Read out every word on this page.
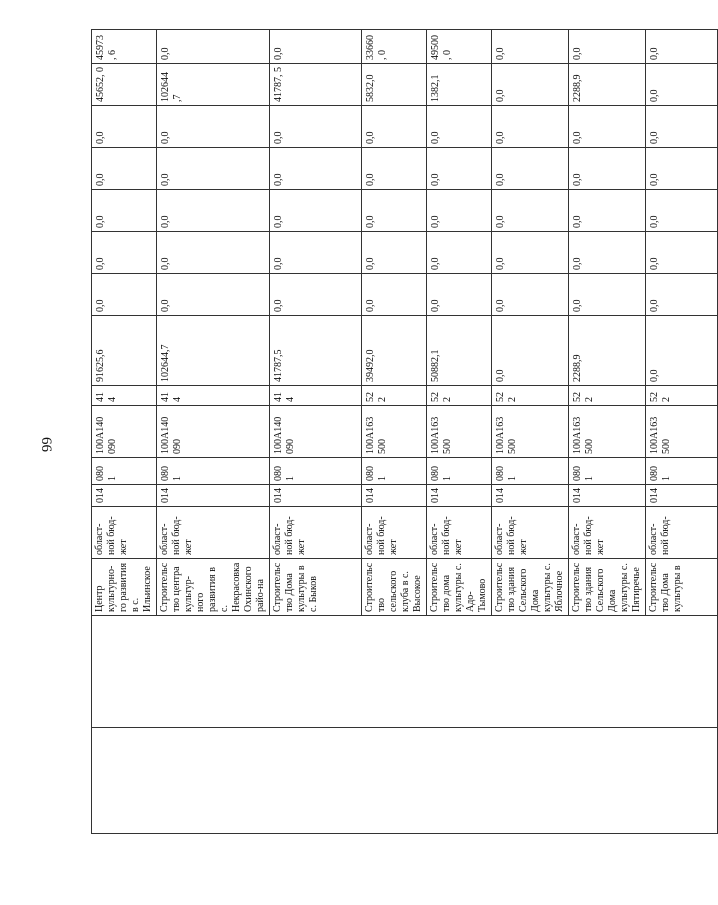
66
		Центр культурно-го развития в с. Ильинское	област-ной бюд-жет	014	080 1	100A140 090	41 4	91625,6	0,0	0,0	0,0	0,0	0,0	45652, 0	45973, 6
		Строительство центра культур-ного развития в с. Некрасовка Охинского райо-на	област-ной бюд-жет	014	080 1	100A140 090	41 4	102644,7	0,0	0,0	0,0	0,0	0,0	102644 ,7	0,0
		Строительство Дома культуры в с. Быков	област-ной бюд-жет	014	080 1	100A140 090	41 4	41787,5	0,0	0,0	0,0	0,0	0,0	41787, 5	0,0
		Строительство сельского клуба в с. Высокое	област-ной бюд-жет	014	080 1	100A163 500	52 2	39492,0	0,0	0,0	0,0	0,0	0,0	5832,0	33660, 0
		Строительство дома культуры с. Адо-Тымово	област-ной бюд-жет	014	080 1	100A163 500	52 2	50882,1	0,0	0,0	0,0	0,0	0,0	1382,1	49500, 0
		Строительство здания Сельского Дома культуры с. Яблочное	област-ной бюд-жет	014	080 1	100A163 500	52 2	0,0	0,0	0,0	0,0	0,0	0,0	0,0	0,0
		Строительство здания Сельского Дома культуры с. Пятиречье	област-ной бюд-жет	014	080 1	100A163 500	52 2	2288,9	0,0	0,0	0,0	0,0	0,0	2288,9	0,0
		Строительство Дома культуры в	област-ной бюд-	014	080 1	100A163 500	52 2	0,0	0,0	0,0	0,0	0,0	0,0	0,0	0,0
